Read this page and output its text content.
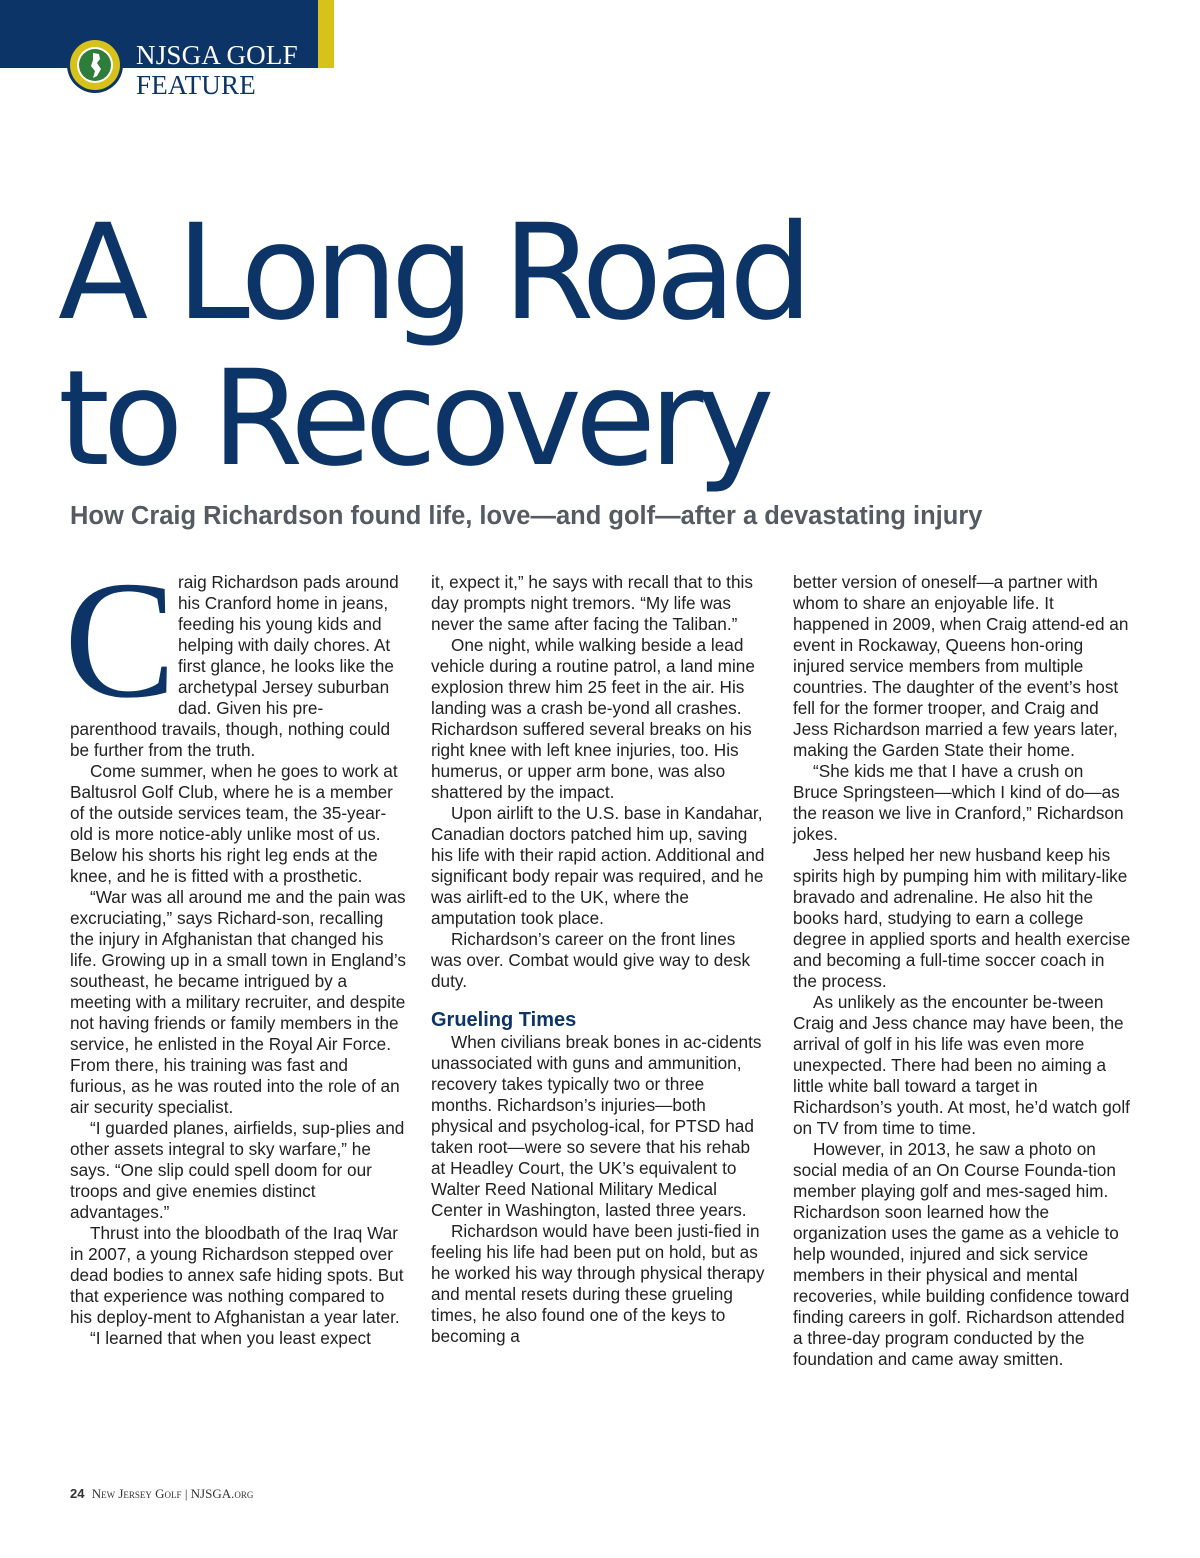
NJSGA GOLF
FEATURE
A Long Road
to Recovery
How Craig Richardson found life, love—and golf—after a devastating injury
C raig Richardson pads around his Cranford home in jeans, feeding his young kids and helping with daily chores. At first glance, he looks like the archetypal Jersey suburban dad. Given his pre-parenthood travails, though, nothing could be further from the truth.

Come summer, when he goes to work at Baltusrol Golf Club, where he is a member of the outside services team, the 35-year-old is more notice-ably unlike most of us. Below his shorts his right leg ends at the knee, and he is fitted with a prosthetic.

“War was all around me and the pain was excruciating,” says Richard-son, recalling the injury in Afghanistan that changed his life. Growing up in a small town in England’s southeast, he became intrigued by a meeting with a military recruiter, and despite not having friends or family members in the service, he enlisted in the Royal Air Force. From there, his training was fast and furious, as he was routed into the role of an air security specialist.

“I guarded planes, airfields, sup-plies and other assets integral to sky warfare,” he says. “One slip could spell doom for our troops and give enemies distinct advantages.”

Thrust into the bloodbath of the Iraq War in 2007, a young Richardson stepped over dead bodies to annex safe hiding spots. But that experience was nothing compared to his deploy-ment to Afghanistan a year later.

“I learned that when you least expect

it, expect it,” he says with recall that to this day prompts night tremors. “My life was never the same after facing the Taliban.”

One night, while walking beside a lead vehicle during a routine patrol, a land mine explosion threw him 25 feet in the air. His landing was a crash be-yond all crashes. Richardson suffered several breaks on his right knee with left knee injuries, too. His humerus, or upper arm bone, was also shattered by the impact.

Upon airlift to the U.S. base in Kandahar, Canadian doctors patched him up, saving his life with their rapid action. Additional and significant body repair was required, and he was airlift-ed to the UK, where the amputation took place.

Richardson’s career on the front lines was over. Combat would give way to desk duty.

Grueling Times

When civilians break bones in ac-cidents unassociated with guns and ammunition, recovery takes typically two or three months. Richardson’s injuries—both physical and psycholog-ical, for PTSD had taken root—were so severe that his rehab at Headley Court, the UK’s equivalent to Walter Reed National Military Medical Center in Washington, lasted three years.

Richardson would have been justi-fied in feeling his life had been put on hold, but as he worked his way through physical therapy and mental resets during these grueling times, he also found one of the keys to becoming a

better version of oneself—a partner with whom to share an enjoyable life. It happened in 2009, when Craig attend-ed an event in Rockaway, Queens hon-oring injured service members from multiple countries. The daughter of the event’s host fell for the former trooper, and Craig and Jess Richardson married a few years later, making the Garden State their home.

“She kids me that I have a crush on Bruce Springsteen—which I kind of do—as the reason we live in Cranford,” Richardson jokes.

Jess helped her new husband keep his spirits high by pumping him with military-like bravado and adrenaline. He also hit the books hard, studying to earn a college degree in applied sports and health exercise and becoming a full-time soccer coach in the process.

As unlikely as the encounter be-tween Craig and Jess chance may have been, the arrival of golf in his life was even more unexpected. There had been no aiming a little white ball toward a target in Richardson’s youth. At most, he’d watch golf on TV from time to time.

However, in 2013, he saw a photo on social media of an On Course Founda-tion member playing golf and mes-saged him. Richardson soon learned how the organization uses the game as a vehicle to help wounded, injured and sick service members in their physical and mental recoveries, while building confidence toward finding careers in golf. Richardson attended a three-day program conducted by the foundation and came away smitten.

24 New Jersey Golf | NJSGA.org
